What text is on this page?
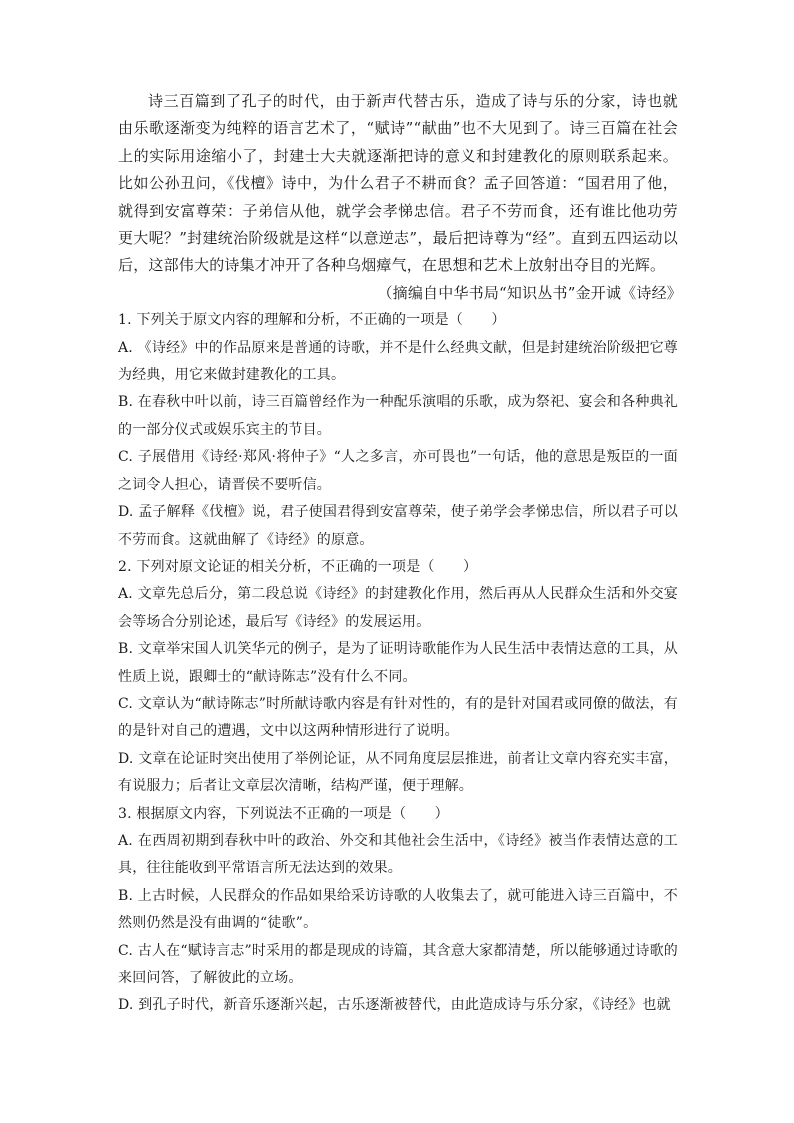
诗三百篇到了孔子的时代，由于新声代替古乐，造成了诗与乐的分家，诗也就由乐歌逐渐变为纯粹的语言艺术了，“赋诗”“献曲”也不大见到了。诗三百篇在社会上的实际用途缩小了，封建士大夫就逐渐把诗的意义和封建教化的原则联系起来。比如公孙丑问，《伐檀》诗中，为什么君子不耕而食？孟子回答道：“国君用了他，就得到安富尊荣：子弟信从他，就学会孝悌忠信。君子不劳而食，还有谁比他功劳更大呢？”封建统治阶级就是这样“以意逆志”，最后把诗尊为“经”。直到五四运动以后，这部伟大的诗集才冲开了各种乌烟瘴气，在思想和艺术上放射出夺目的光辉。

（摘编自中华书局“知识丛书”金开诚《诗经》

1. 下列关于原文内容的理解和分析，不正确的一项是（　　）

A. 《诗经》中的作品原来是普通的诗歌，并不是什么经典文献，但是封建统治阶级把它尊为经典，用它来做封建教化的工具。

B. 在春秋中叶以前，诗三百篇曾经作为一种配乐演唱的乐歌，成为祭祀、宴会和各种典礼的一部分仪式或娱乐宾主的节目。

C. 子展借用《诗经·郑风·将仲子》“人之多言，亦可畏也”一句话，他的意思是叛臣的一面之词令人担心，请晋侯不要听信。

D. 孟子解释《伐檀》说，君子使国君得到安富尊荣，使子弟学会孝悌忠信，所以君子可以不劳而食。这就曲解了《诗经》的原意。

2. 下列对原文论证的相关分析，不正确的一项是（　　）

A. 文章先总后分，第二段总说《诗经》的封建教化作用，然后再从人民群众生活和外交宴会等场合分别论述，最后写《诗经》的发展运用。

B. 文章举宋国人讥笑华元的例子，是为了证明诗歌能作为人民生活中表情达意的工具，从性质上说，跟卿士的“献诗陈志”没有什么不同。

C. 文章认为“献诗陈志”时所献诗歌内容是有针对性的，有的是针对国君或同僚的做法，有的是针对自己的遭遇，文中以这两种情形进行了说明。

D. 文章在论证时突出使用了举例论证，从不同角度层层推进，前者让文章内容充实丰富，有说服力；后者让文章层次清晰，结构严谨，便于理解。

3. 根据原文内容，下列说法不正确的一项是（　　）

A. 在西周初期到春秋中叶的政治、外交和其他社会生活中，《诗经》被当作表情达意的工具，往往能收到平常语言所无法达到的效果。

B. 上古时候，人民群众的作品如果给采访诗歌的人收集去了，就可能进入诗三百篇中，不然则仍然是没有曲调的“徒歌”。

C. 古人在“赋诗言志”时采用的都是现成的诗篇，其含意大家都清楚，所以能够通过诗歌的来回问答，了解彼此的立场。

D. 到孔子时代，新音乐逐渐兴起，古乐逐渐被替代，由此造成诗与乐分家，《诗经》也就
